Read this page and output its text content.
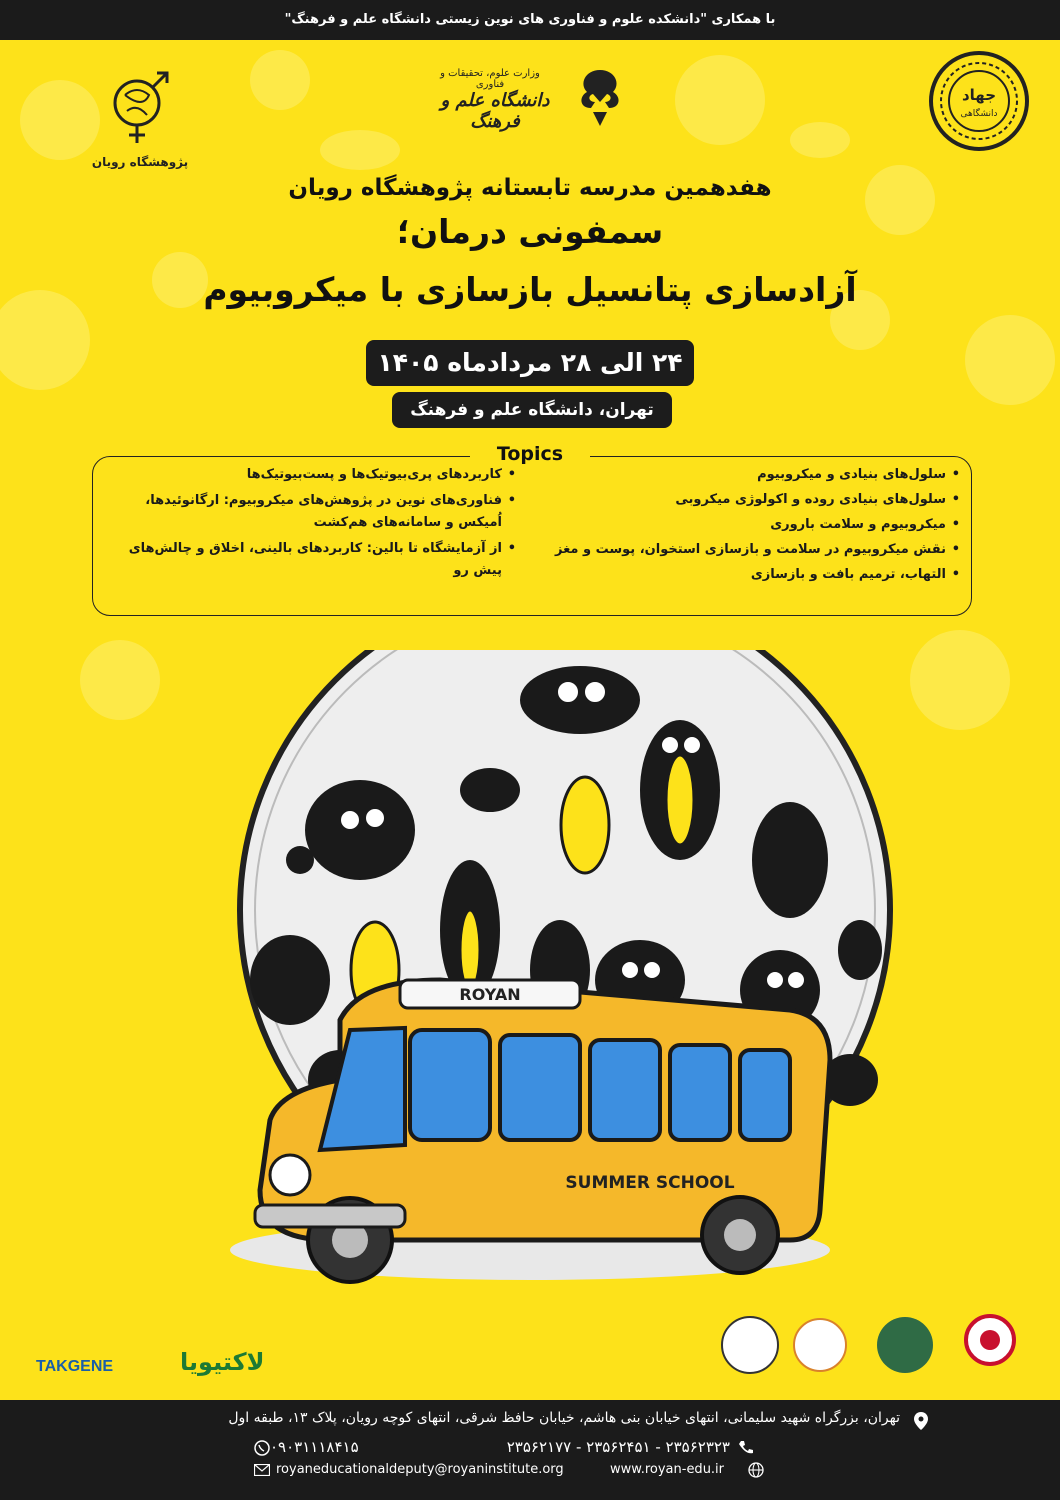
با همکاری "دانشکده علوم و فناوری های نوین زیستی دانشگاه علم و فرهنگ"
پژوهشگاه رویان
وزارت علوم، تحقیقات و فناوری
دانشگاه علم و فرهنگ
جهاد
دانشگاهی
هفدهمین مدرسه تابستانه پژوهشگاه رویان
سمفونی درمان؛
آزادسازی پتانسیل بازسازی با میکروبیوم
۲۴ الی ۲۸ مردادماه ۱۴۰۵
تهران، دانشگاه علم و فرهنگ
Topics
• سلول‌های بنیادی و میکروبیوم
• سلول‌های بنیادی روده و اکولوژی میکروبی
• میکروبیوم و سلامت باروری
• نقش میکروبیوم در سلامت و بازسازی استخوان، پوست و مغز
• التهاب، ترمیم بافت و بازسازی
• کاربردهای پری‌بیوتیک‌ها و پست‌بیوتیک‌ها
• فناوری‌های نوین در پژوهش‌های میکروبیوم: ارگانوئیدها، اُمیکس و سامانه‌های هم‌کشت
• از آزمایشگاه تا بالین: کاربردهای بالینی، اخلاق و چالش‌های پیش رو
ROYAN
SUMMER SCHOOL
TAKGENE	لاکتیویا
تهران، بزرگراه شهید سلیمانی، انتهای خیابان بنی هاشم، خیابان حافظ شرقی، انتهای کوچه رویان، پلاک ۱۳، طبقه اول
۰۹۰۳۱۱۱۸۴۱۵	۲۳۵۶۲۱۷۷ - ۲۳۵۶۲۴۵۱ - ۲۳۵۶۲۳۲۳
royaneducationaldeputy@royaninstitute.org	www.royan-edu.ir
